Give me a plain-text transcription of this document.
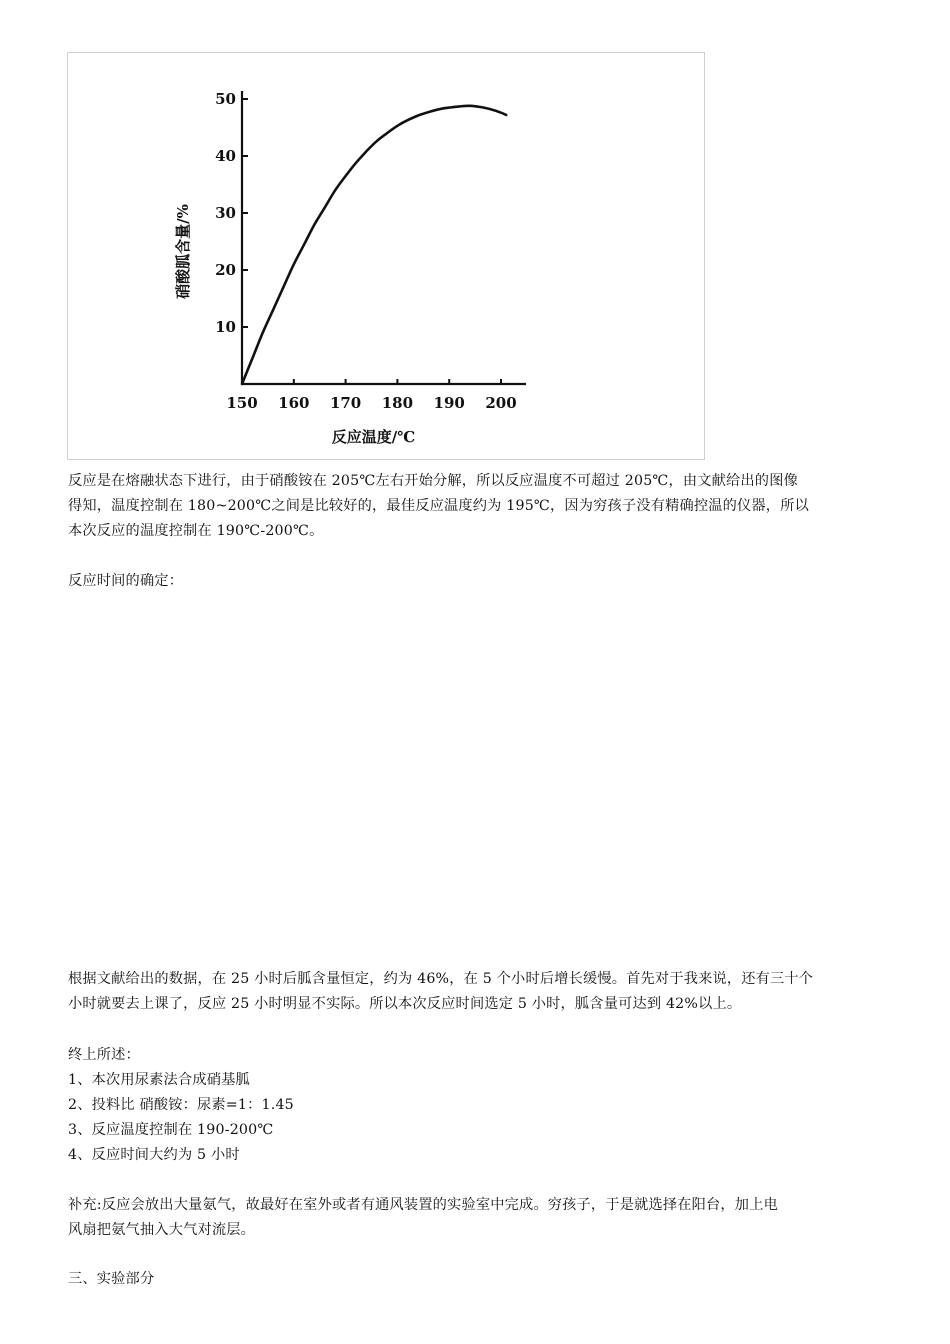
150 160 170 180 190 200
10
20
30
40
50
反应温度/℃
硝酸胍含量/%

反应是在熔融状态下进行，由于硝酸铵在 205℃左右开始分解，所以反应温度不可超过 205℃，由文献给出的图像
得知，温度控制在 180~200℃之间是比较好的，最佳反应温度约为 195℃，因为穷孩子没有精确控温的仪器，所以
本次反应的温度控制在 190℃-200℃。

反应时间的确定：

根据文献给出的数据，在 25 小时后胍含量恒定，约为 46%，在 5 个小时后增长缓慢。首先对于我来说，还有三十个
小时就要去上课了，反应 25 小时明显不实际。所以本次反应时间选定 5 小时，胍含量可达到 42%以上。

终上所述：
1、本次用尿素法合成硝基胍
2、投料比 硝酸铵：尿素=1：1.45
3、反应温度控制在 190-200℃
4、反应时间大约为 5 小时

补充:反应会放出大量氨气，故最好在室外或者有通风装置的实验室中完成。穷孩子，于是就选择在阳台，加上电
风扇把氨气抽入大气对流层。

三、实验部分
